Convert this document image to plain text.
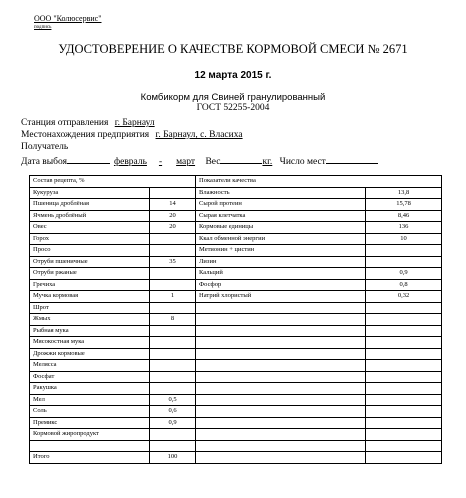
ООО "Колюсервис"
подпись
УДОСТОВЕРЕНИЕ О КАЧЕСТВЕ КОРМОВОЙ СМЕСИ № 2671
12 марта 2015 г.
Комбикорм для Свиней гранулированный
ГОСТ 52255-2004
Станция отправления г. Барнаул
Местонахождения предприятия г. Барнаул, с. Власиха
Получатель
Дата выбоя	февраль - март Вес	кг. Число мест
Состав рецепта, %		Показатели качества	
Кукуруза		Влажность	13,8
Пшеница дроблёная	14	Сырой протеин	15,78
Ячмень дроблёный	20	Сырая клетчатка	8,46
Овес	20	Кормовые единицы	136
Горох		Ккал обменной энергии	10
Просо		Метионин + цистин	
Отруби пшеничные	35	Лизин	
Отруби ржаные		Кальций	0,9
Гречиха		Фосфор	0,8
Мучка кормовая	1	Натрий хлористый	0,32
Шрот			
Жмых	8		
Рыбная мука			
Мясокостная мука			
Дрожжи кормовые			
Мелясса			
Фосфат			
Ракушка			
Мел	0,5		
Соль	0,6		
Премикс	0,9		
Кормовой жиропродукт			

Итого	100		
